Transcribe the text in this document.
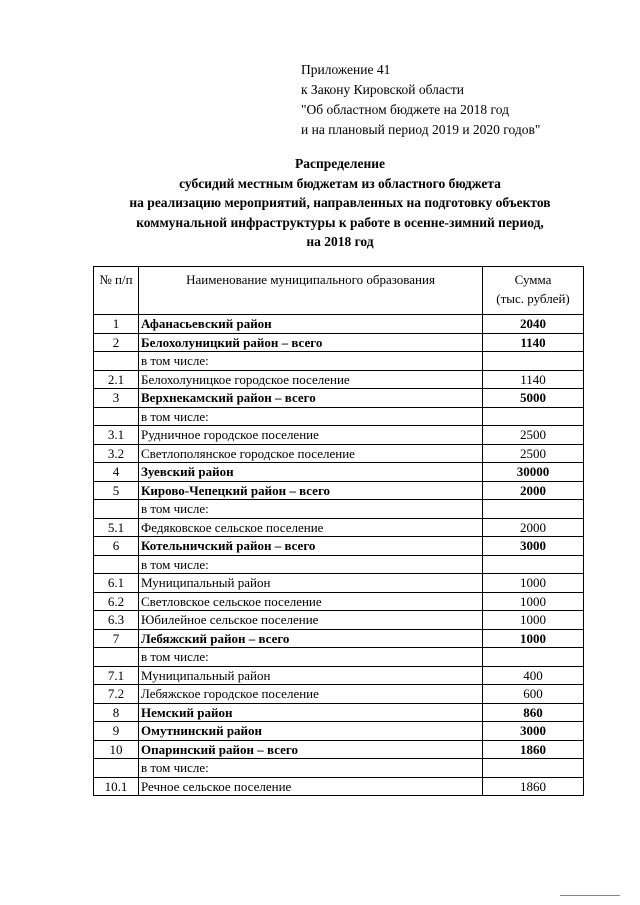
Приложение 41
к Закону Кировской области
"Об областном бюджете на 2018 год
и на плановый период 2019 и 2020 годов"
Распределение
субсидий местным бюджетам из областного бюджета
на реализацию мероприятий, направленных на подготовку объектов
коммунальной инфраструктуры к работе в осенне-зимний период,
на 2018 год
№ п/п	Наименование муниципального образования	Сумма
(тыс. рублей)

1	Афанасьевский район	2040
2	Белохолуницкий район – всего	1140
	в том числе:	
2.1	Белохолуницкое городское поселение	1140
3	Верхнекамский район – всего	5000
	в том числе:	
3.1	Рудничное городское поселение	2500
3.2	Светлополянское городское поселение	2500
4	Зуевский район	30000
5	Кирово-Чепецкий район – всего	2000
	в том числе:	
5.1	Федяковское сельское поселение	2000
6	Котельничский район – всего	3000
	в том числе:	
6.1	Муниципальный район	1000
6.2	Светловское сельское поселение	1000
6.3	Юбилейное сельское поселение	1000
7	Лебяжский район – всего	1000
	в том числе:	
7.1	Муниципальный район	400
7.2	Лебяжское городское поселение	600
8	Немский район	860
9	Омутнинский район	3000
10	Опаринский район – всего	1860
	в том числе:	
10.1	Речное сельское поселение	1860
